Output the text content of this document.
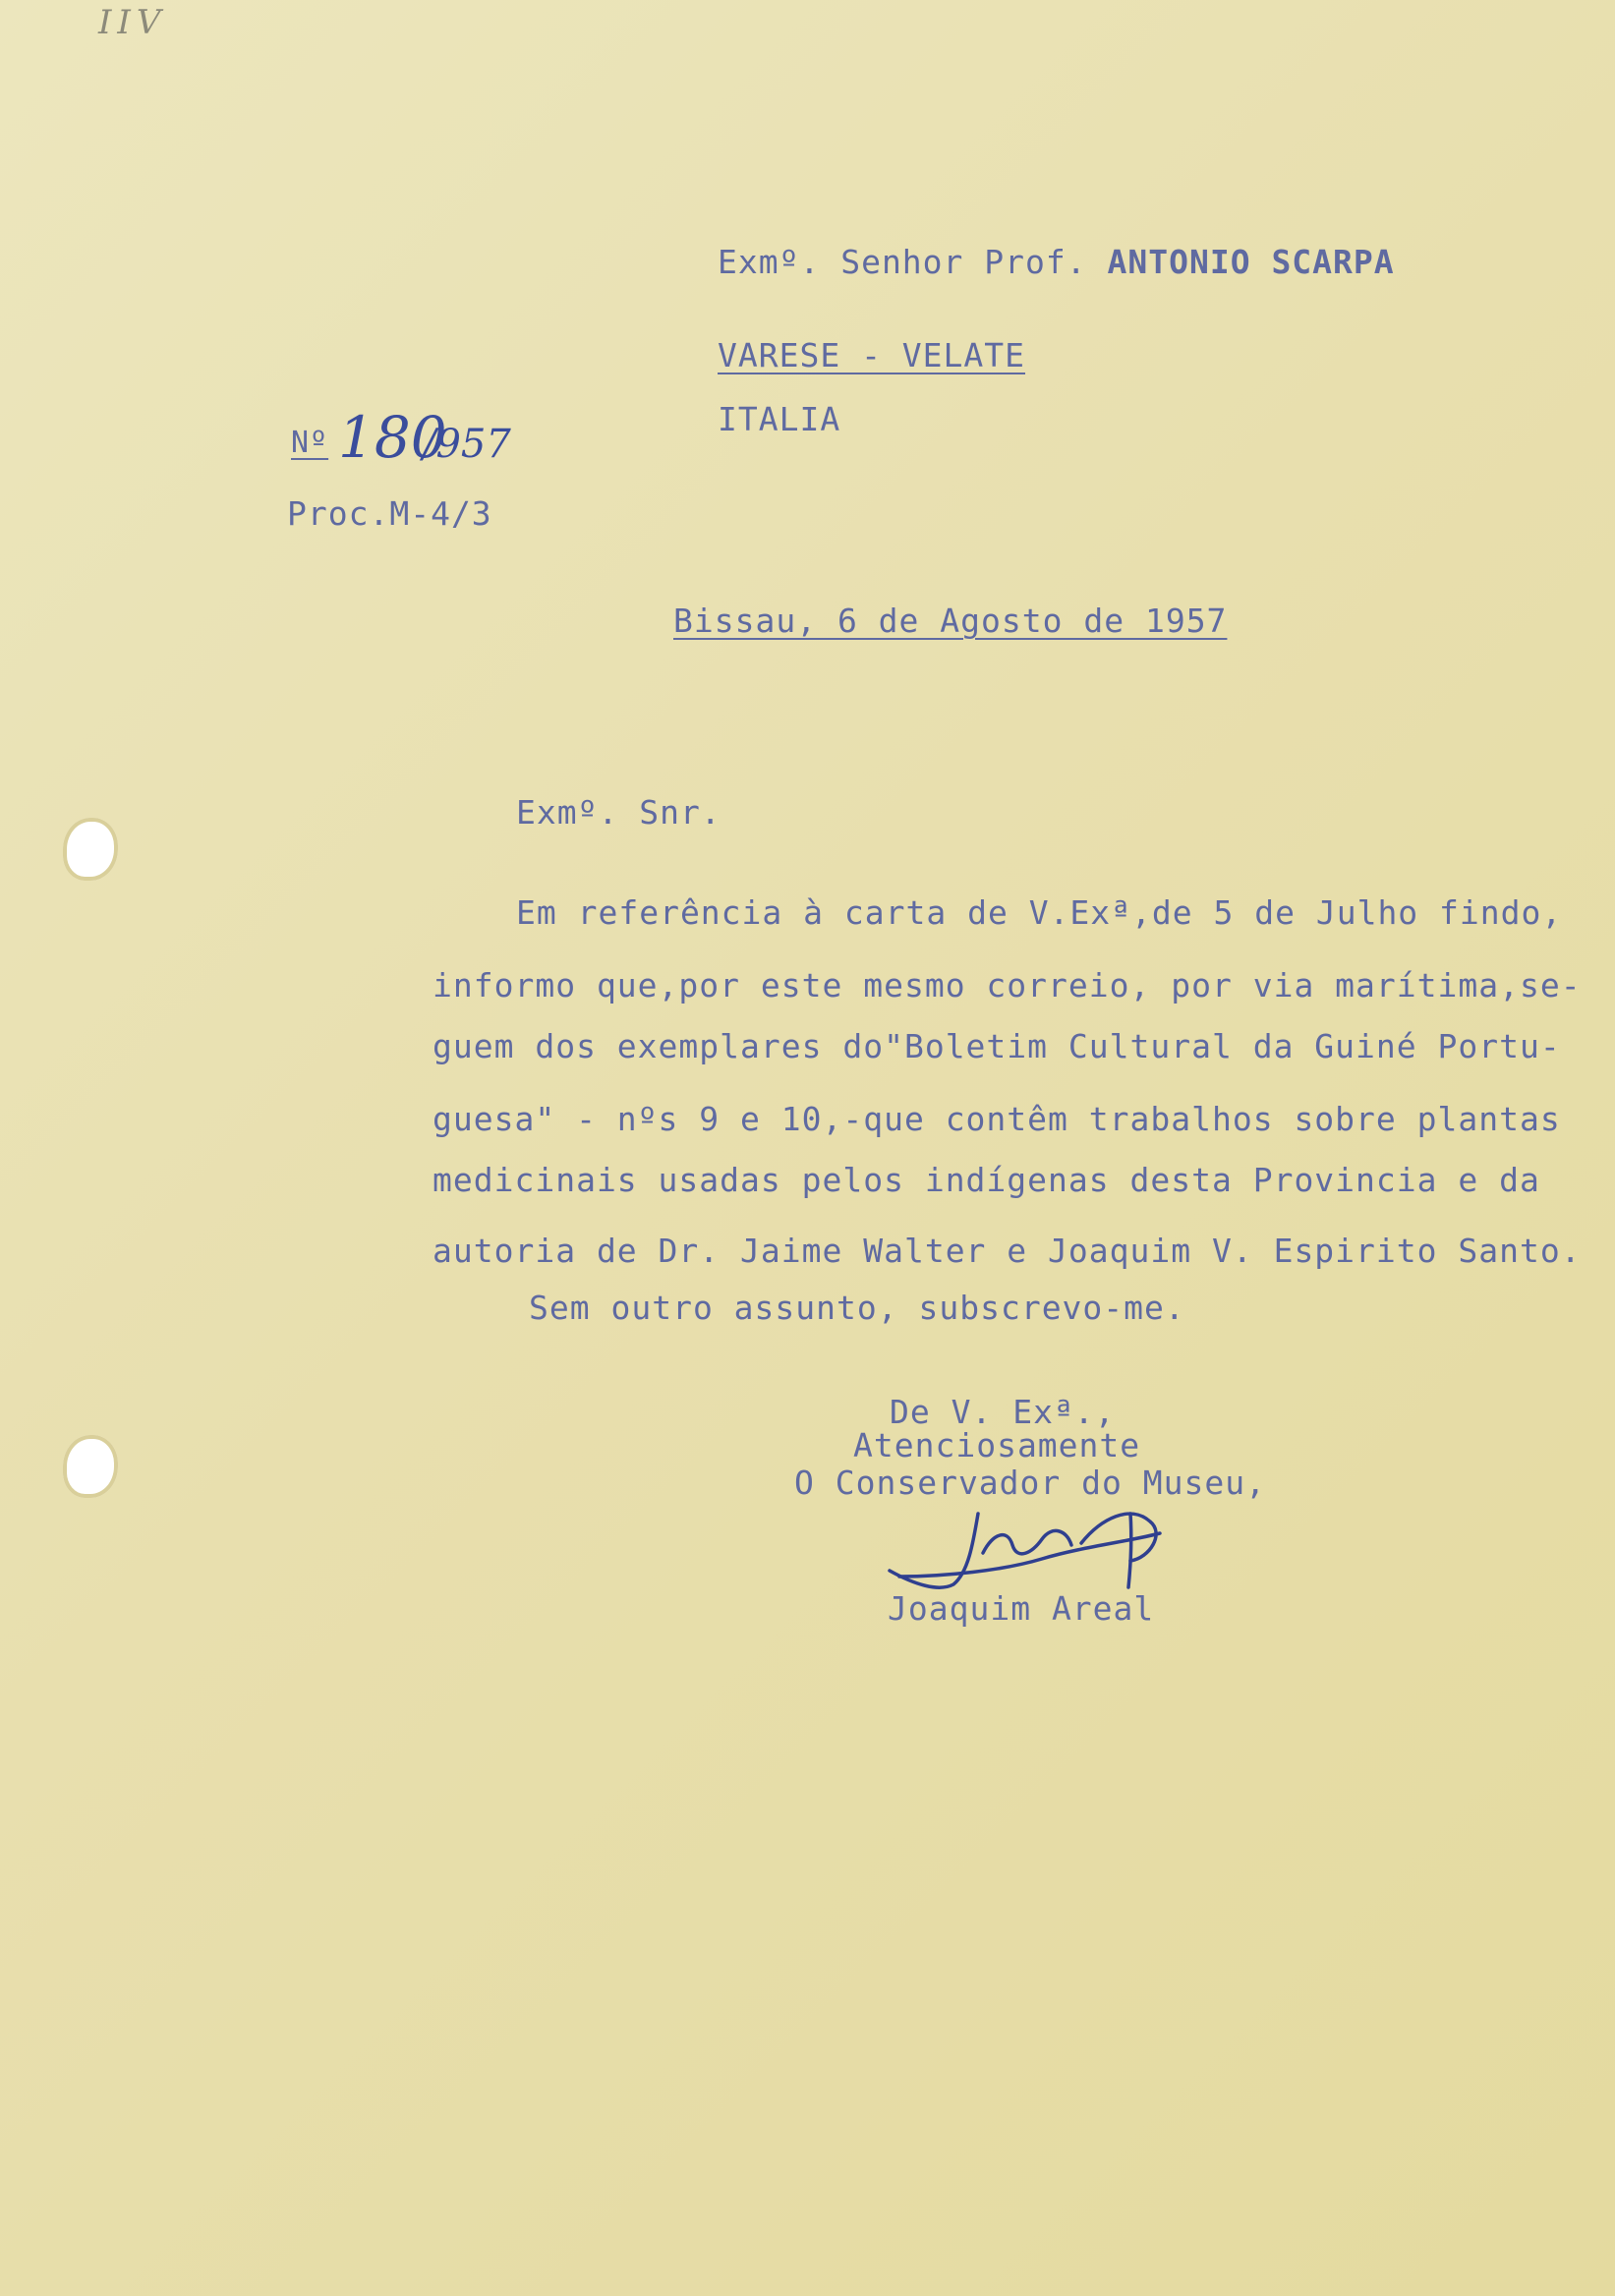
IIV
Exmº. Senhor Prof. ANTONIO SCARPA
VARESE - VELATE
ITALIA
Nº 180
/957
Proc.M-4/3
Bissau, 6 de Agosto de 1957
Exmº. Snr.
Em referência à carta de V.Exª,de 5 de Julho findo,
informo que,por este mesmo correio, por via marítima,se-
guem dos exemplares do"Boletim Cultural da Guiné Portu-
guesa" - nºs 9 e 10,-que contêm trabalhos sobre plantas
medicinais usadas pelos indígenas desta Provincia e da
autoria de Dr. Jaime Walter e Joaquim V. Espirito Santo.
Sem outro assunto, subscrevo-me.
De V. Exª.,
Atenciosamente
O Conservador do Museu,
Joaquim Areal
